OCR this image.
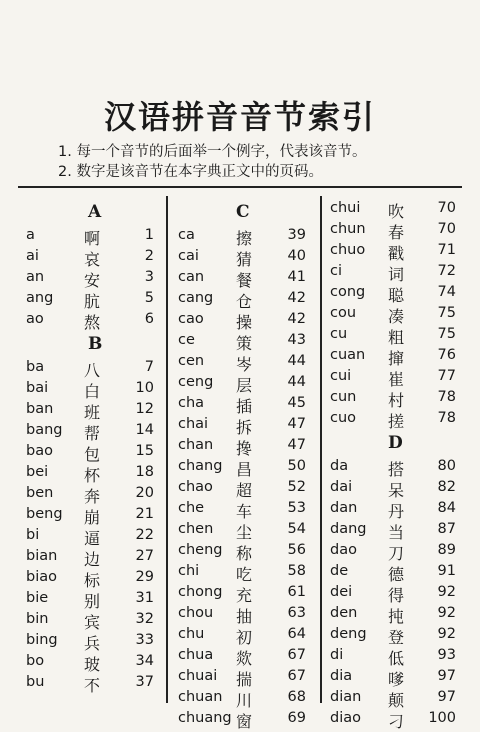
汉语拼音音节索引
1. 每一个音节的后面举一个例字，代表该音节。
2. 数字是该音节在本字典正文中的页码。
A
a	啊	1
ai	哀	2
an 安	3
ang 肮	5
ao	熬	6
B
ba 八	7
bai 白	10
ban 班	12
bang 帮	14
bao 包	15
bei 杯	18
ben 奔	20
beng 崩	21
bi	逼	22
bian 边	27
biao 标	29
bie 别	31
bin 宾	32
bing 兵	33
bo 玻	34
bu 不	37
C
ca	擦	39
cai 猜	40
can 餐	41
cang 仓	42
cao 操	42
ce	策	43
cen 岑	44
ceng 层	44
cha 插	45
chai 拆	47
chan 搀	47
chang 昌	50
chao 超	52
che 车	53
chen 尘	54
cheng 称	56
chi 吃	58
chong 充	61
chou 抽	63
chu 初	64
chua 欻	67
chuai 揣	67
chuan 川	68
chuang 窗	69
chui 吹	70
chun 春	70
chuo 戳	71
ci	词	72
cong 聪	74
cou 凑	75
cu	粗	75
cuan 撺	76
cui 崔	77
cun 村	78
cuo 搓	78
D
da 搭	80
dai 呆	82
dan 丹	84
dang 当	87
dao 刀	89
de 德	91
dei 得	92
den 扽	92
deng 登	92
di	低	93
dia 嗲	97
dian 颠	97
diao 刁	100
